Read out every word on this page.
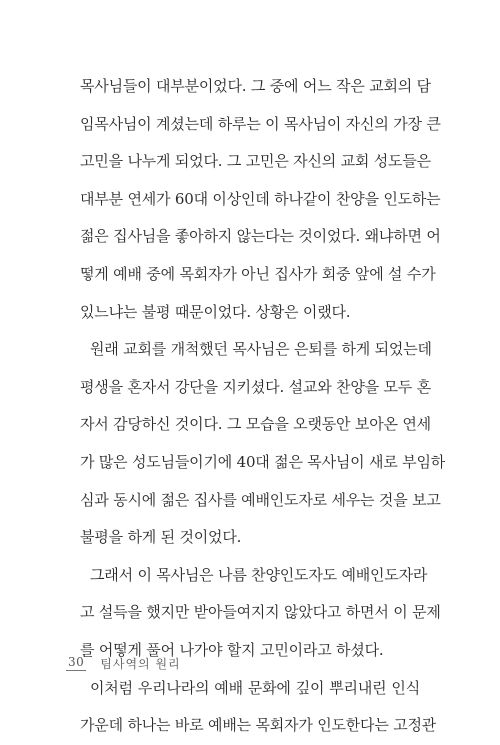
목사님들이 대부분이었다. 그 중에 어느 작은 교회의 담
임목사님이 계셨는데 하루는 이 목사님이 자신의 가장 큰
고민을 나누게 되었다. 그 고민은 자신의 교회 성도들은
대부분 연세가 60대 이상인데 하나같이 찬양을 인도하는
젊은 집사님을 좋아하지 않는다는 것이었다. 왜냐하면 어
떻게 예배 중에 목회자가 아닌 집사가 회중 앞에 설 수가
있느냐는 불평 때문이었다. 상황은 이랬다.
원래 교회를 개척했던 목사님은 은퇴를 하게 되었는데
평생을 혼자서 강단을 지키셨다. 설교와 찬양을 모두 혼
자서 감당하신 것이다. 그 모습을 오랫동안 보아온 연세
가 많은 성도님들이기에 40대 젊은 목사님이 새로 부임하
심과 동시에 젊은 집사를 예배인도자로 세우는 것을 보고
불평을 하게 된 것이었다.
그래서 이 목사님은 나름 찬양인도자도 예배인도자라
고 설득을 했지만 받아들여지지 않았다고 하면서 이 문제
를 어떻게 풀어 나가야 할지 고민이라고 하셨다.
이처럼 우리나라의 예배 문화에 깊이 뿌리내린 인식
가운데 하나는 바로 예배는 목회자가 인도한다는 고정관
30 팀사역의 원리
